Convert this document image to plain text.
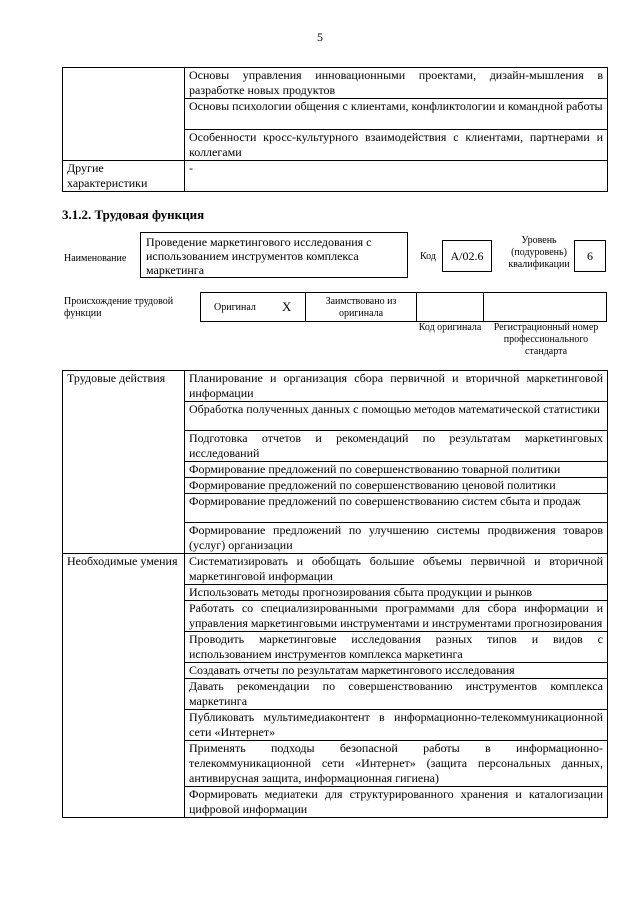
5
	Основы управления инновационными проектами, дизайн-мышления в разработке новых продуктов
	Основы психологии общения с клиентами, конфликтологии и командной работы
	Особенности кросс-культурного взаимодействия с клиентами, партнерами и коллегами
Другие характеристики	-
3.1.2. Трудовая функция
Наименование
Проведение маркетингового исследования с использованием инструментов комплекса маркетинга
Код	A/02.6
Уровень (подуровень) квалификации
6
Происхождение трудовой функции
Оригинал X	Заимствовано из оригинала
Код оригинала	Регистрационный номер профессионального стандарта
Трудовые действия	Планирование и организация сбора первичной и вторичной маркетинговой информации
	Обработка полученных данных с помощью методов математической статистики
	Подготовка отчетов и рекомендаций по результатам маркетинговых исследований
	Формирование предложений по совершенствованию товарной политики
	Формирование предложений по совершенствованию ценовой политики
	Формирование предложений по совершенствованию систем сбыта и продаж
	Формирование предложений по улучшению системы продвижения товаров (услуг) организации
Необходимые умения	Систематизировать и обобщать большие объемы первичной и вторичной маркетинговой информации
	Использовать методы прогнозирования сбыта продукции и рынков
	Работать со специализированными программами для сбора информации и управления маркетинговыми инструментами и инструментами прогнозирования
	Проводить маркетинговые исследования разных типов и видов с использованием инструментов комплекса маркетинга
	Создавать отчеты по результатам маркетингового исследования
	Давать рекомендации по совершенствованию инструментов комплекса маркетинга
	Публиковать мультимедиаконтент в информационно-телекоммуникационной сети «Интернет»
	Применять подходы безопасной работы в информационно-телекоммуникационной сети «Интернет» (защита персональных данных, антивирусная защита, информационная гигиена)
	Формировать медиатеки для структурированного хранения и каталогизации цифровой информации
